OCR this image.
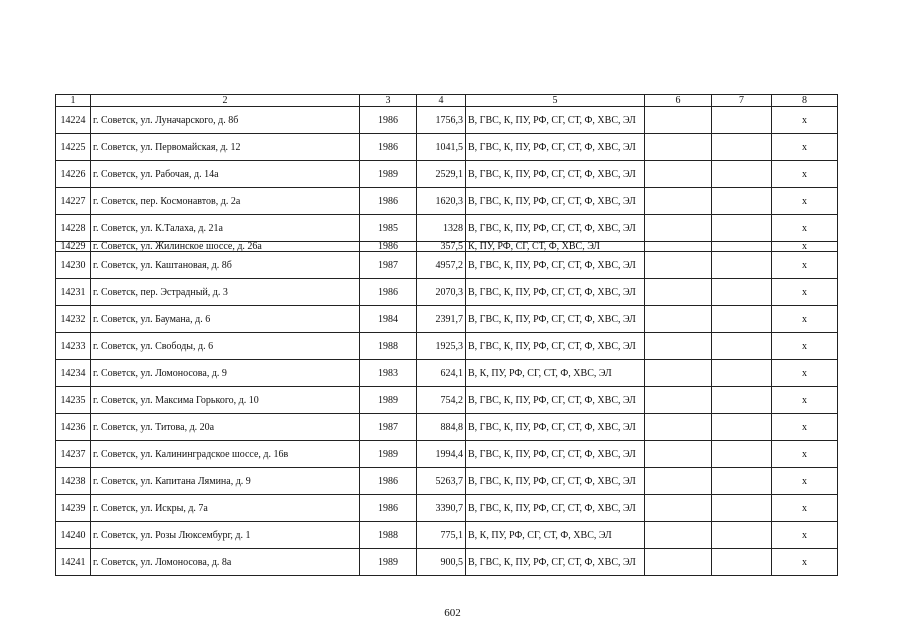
1	2	3	4	5	6	7	8
14224	г. Советск, ул. Луначарского, д. 8б	1986	1756,3	В, ГВС, К, ПУ, РФ, СГ, СТ, Ф, ХВС, ЭЛ			x
14225	г. Советск, ул. Первомайская, д. 12	1986	1041,5	В, ГВС, К, ПУ, РФ, СГ, СТ, Ф, ХВС, ЭЛ			x
14226	г. Советск, ул. Рабочая, д. 14а	1989	2529,1	В, ГВС, К, ПУ, РФ, СГ, СТ, Ф, ХВС, ЭЛ			x
14227	г. Советск, пер. Космонавтов, д. 2а	1986	1620,3	В, ГВС, К, ПУ, РФ, СГ, СТ, Ф, ХВС, ЭЛ			x
14228	г. Советск, ул. К.Талаха, д. 21а	1985	1328	В, ГВС, К, ПУ, РФ, СГ, СТ, Ф, ХВС, ЭЛ			x
14229	г. Советск, ул. Жилинское шоссе, д. 26а	1986	357,5	К, ПУ, РФ, СГ, СТ, Ф, ХВС, ЭЛ			x
14230	г. Советск, ул. Каштановая, д. 8б	1987	4957,2	В, ГВС, К, ПУ, РФ, СГ, СТ, Ф, ХВС, ЭЛ			x
14231	г. Советск, пер. Эстрадный, д. 3	1986	2070,3	В, ГВС, К, ПУ, РФ, СГ, СТ, Ф, ХВС, ЭЛ			x
14232	г. Советск, ул. Баумана, д. 6	1984	2391,7	В, ГВС, К, ПУ, РФ, СГ, СТ, Ф, ХВС, ЭЛ			x
14233	г. Советск, ул. Свободы, д. 6	1988	1925,3	В, ГВС, К, ПУ, РФ, СГ, СТ, Ф, ХВС, ЭЛ			x
14234	г. Советск, ул. Ломоносова, д. 9	1983	624,1	В, К, ПУ, РФ, СГ, СТ, Ф, ХВС, ЭЛ			x
14235	г. Советск, ул. Максима Горького, д. 10	1989	754,2	В, ГВС, К, ПУ, РФ, СГ, СТ, Ф, ХВС, ЭЛ			x
14236	г. Советск, ул. Титова, д. 20а	1987	884,8	В, ГВС, К, ПУ, РФ, СГ, СТ, Ф, ХВС, ЭЛ			x
14237	г. Советск, ул. Калининградское шоссе, д. 16в	1989	1994,4	В, ГВС, К, ПУ, РФ, СГ, СТ, Ф, ХВС, ЭЛ			x
14238	г. Советск, ул. Капитана Лямина, д. 9	1986	5263,7	В, ГВС, К, ПУ, РФ, СГ, СТ, Ф, ХВС, ЭЛ			x
14239	г. Советск, ул. Искры, д. 7а	1986	3390,7	В, ГВС, К, ПУ, РФ, СГ, СТ, Ф, ХВС, ЭЛ			x
14240	г. Советск, ул. Розы Люксембург, д. 1	1988	775,1	В, К, ПУ, РФ, СГ, СТ, Ф, ХВС, ЭЛ			x
14241	г. Советск, ул. Ломоносова, д. 8а	1989	900,5	В, ГВС, К, ПУ, РФ, СГ, СТ, Ф, ХВС, ЭЛ			x
602
